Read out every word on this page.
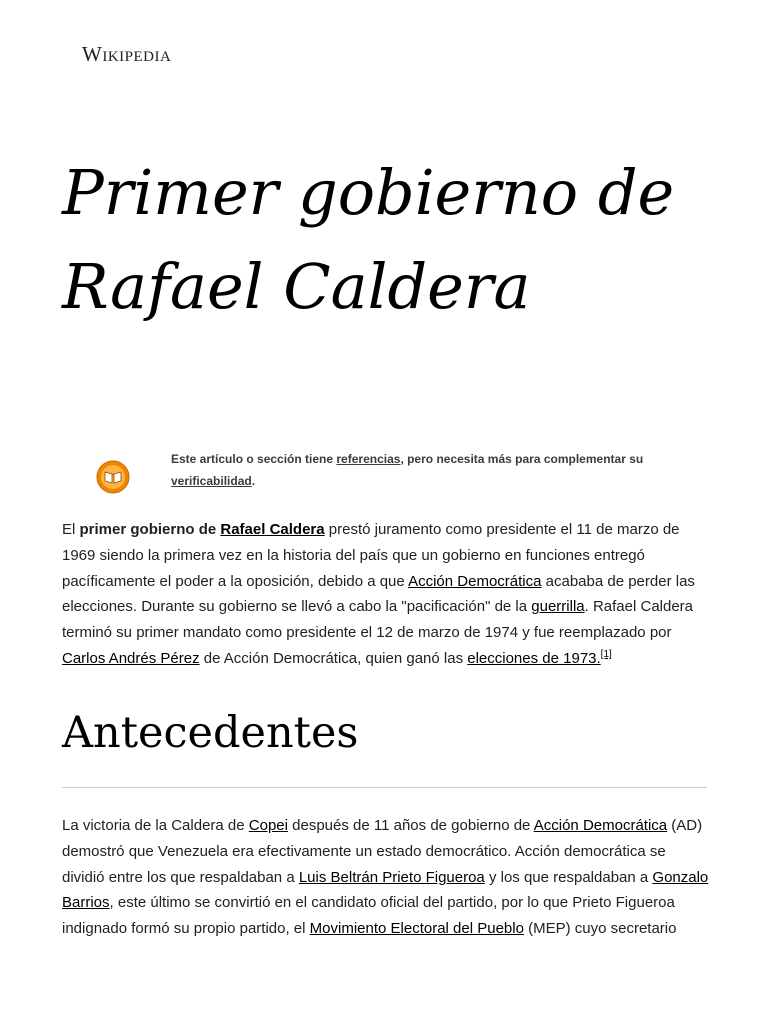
Wikipedia
Primer gobierno de Rafael Caldera
Este artículo o sección tiene referencias, pero necesita más para complementar su verificabilidad.

El primer gobierno de Rafael Caldera prestó juramento como presidente el 11 de marzo de 1969 siendo la primera vez en la historia del país que un gobierno en funciones entregó pacíficamente el poder a la oposición, debido a que Acción Democrática acababa de perder las elecciones. Durante su gobierno se llevó a cabo la "pacificación" de la guerrilla. Rafael Caldera terminó su primer mandato como presidente el 12 de marzo de 1974 y fue reemplazado por Carlos Andrés Pérez de Acción Democrática, quien ganó las elecciones de 1973.[1]

Antecedentes

La victoria de la Caldera de Copei después de 11 años de gobierno de Acción Democrática (AD) demostró que Venezuela era efectivamente un estado democrático. Acción democrática se dividió entre los que respaldaban a Luis Beltrán Prieto Figueroa y los que respaldaban a Gonzalo Barrios, este último se convirtió en el candidato oficial del partido, por lo que Prieto Figueroa indignado formó su propio partido, el Movimiento Electoral del Pueblo (MEP) cuyo secretario
